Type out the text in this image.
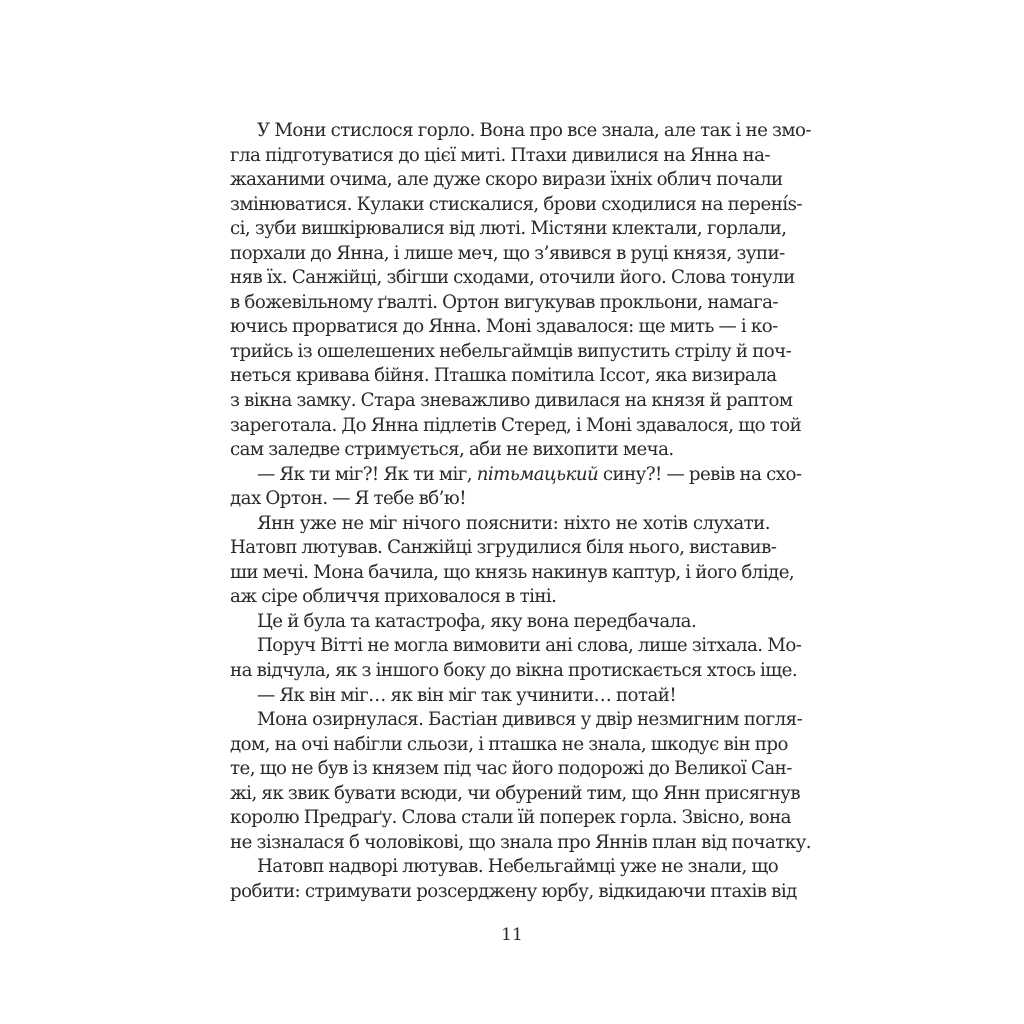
У Мони стислося горло. Вона про все знала, але так і не змо-
гла підготуватися до цієї миті. Птахи дивилися на Янна на-
жаханими очима, але дуже скоро вирази їхніх облич почали
змінюватися. Кулаки стискалися, брови сходилися на перенís-
сі, зуби вишкірювалися від люті. Містяни клектали, горлали,
порхали до Янна, і лише меч, що з’явився в руці князя, зупи-
няв їх. Санжійці, збігши сходами, оточили його. Слова тонули
в божевільному ґвалті. Ортон вигукував прокльони, намага-
ючись прорватися до Янна. Моні здавалося: ще мить — і ко-
трийсь із ошелешених небельгаймців випустить стрілу й поч-
неться кривава бійня. Пташка помітила Іссот, яка визирала
з вікна замку. Стара зневажливо дивилася на князя й раптом
зареготала. До Янна підлетів Стеред, і Моні здавалося, що той
сам заледве стримується, аби не вихопити меча.
— Як ти міг?! Як ти міг, пітьмацький сину?! — ревів на схо-
дах Ортон. — Я тебе вб’ю!
Янн уже не міг нічого пояснити: ніхто не хотів слухати.
Натовп лютував. Санжійці згрудилися біля нього, виставив-
ши мечі. Мона бачила, що князь накинув каптур, і його бліде,
аж сіре обличчя приховалося в тіні.
Це й була та катастрофа, яку вона передбачала.
Поруч Вітті не могла вимовити ані слова, лише зітхала. Мо-
на відчула, як з іншого боку до вікна протискається хтось іще.
— Як він міг… як він міг так учинити… потай!
Мона озирнулася. Бастіан дивився у двір незмигним погля-
дом, на очі набігли сльози, і пташка не знала, шкодує він про
те, що не був із князем під час його подорожі до Великої Сан-
жі, як звик бувати всюди, чи обурений тим, що Янн присягнув
королю Предраґу. Слова стали їй поперек горла. Звісно, вона
не зізналася б чоловікові, що знала про Яннів план від початку.
Натовп надворі лютував. Небельгаймці уже не знали, що
робити: стримувати розсерджену юрбу, відкидаючи птахів від
11
